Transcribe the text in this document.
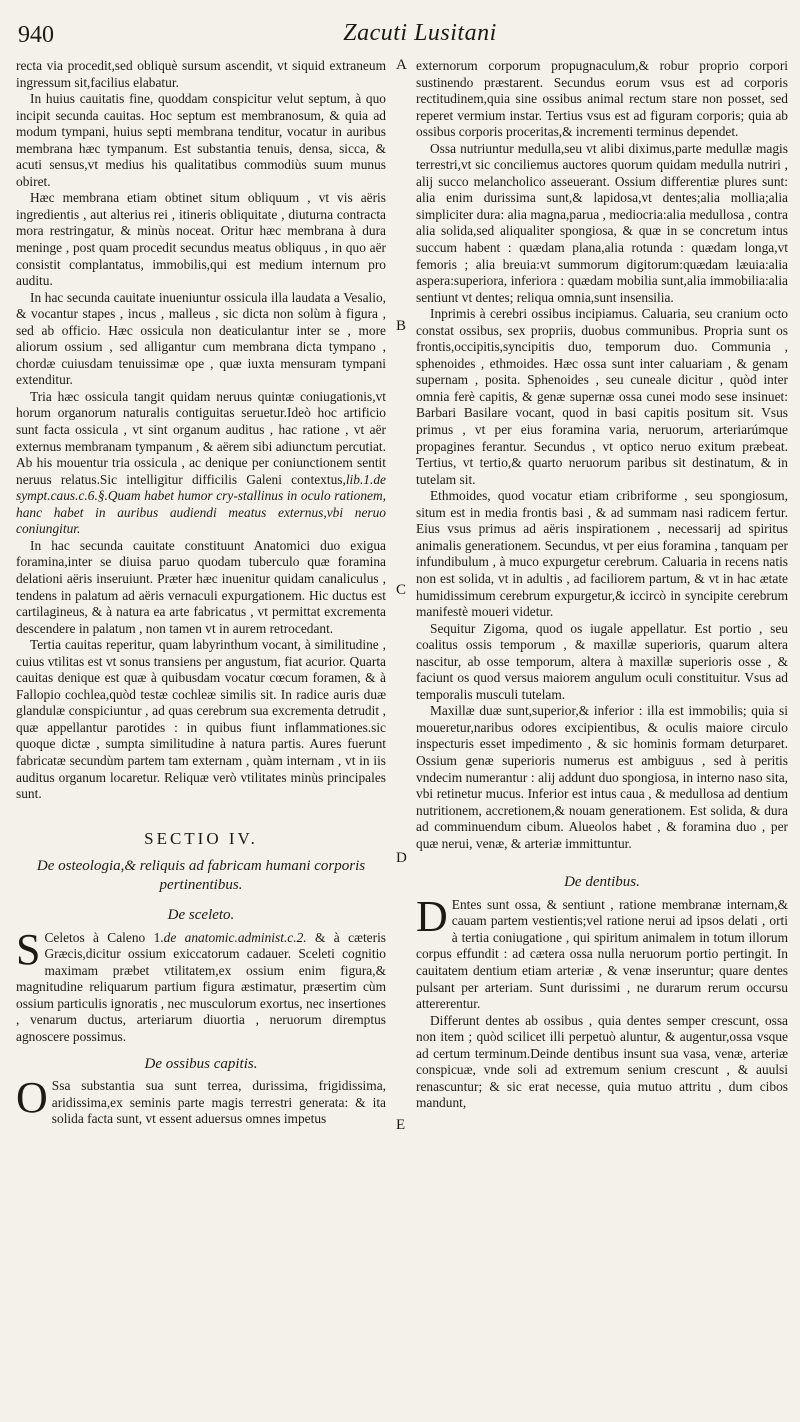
940	Zacuti Lusitani
A
B
C
D
E

recta via procedit,sed obliquè sursum ascendit, vt siquid extraneum ingressum sit,facilius elabatur.

In huius cauitatis fine, quoddam conspicitur velut septum, à quo incipit secunda cauitas. Hoc septum est membranosum, & quia ad modum tympani, huius septi membrana tenditur, vocatur in auribus membrana hæc tympanum. Est substantia tenuis, densa, sicca, & acuti sensus,vt medius his qualitatibus commodiùs suum munus obiret.

Hæc membrana etiam obtinet situm obliquum , vt vis aëris ingredientis , aut alterius rei , itineris obliquitate , diuturna contracta mora restringatur, & minùs noceat. Oritur hæc membrana à dura meninge , post quam procedit secundus meatus obliquus , in quo aër consistit complantatus, immobilis,qui est medium internum pro auditu.

In hac secunda cauitate inueniuntur ossicula illa laudata a Vesalio, & vocantur stapes , incus , malleus , sic dicta non solùm à figura , sed ab officio. Hæc ossicula non deaticulantur inter se , more aliorum ossium , sed alligantur cum membrana dicta tympano , chordæ cuiusdam tenuissimæ ope , quæ iuxta mensuram tympani extenditur.

Tria hæc ossicula tangit quidam neruus quintæ coniugationis,vt horum organorum naturalis contiguitas seruetur.Ideò hoc artificio sunt facta ossicula , vt sint organum auditus , hac ratione , vt aër externus membranam tympanum , & aërem sibi adiunctum percutiat. Ab his mouentur tria ossicula , ac denique per coniunctionem sentit neruus relatus.Sic intelligitur difficilis Galeni contextus,lib.1.de sympt.caus.c.6.§.Quam habet humor cry-stallinus in oculo rationem, hanc habet in auribus audiendi meatus externus,vbi neruo coniungitur.

In hac secunda cauitate constituunt Anatomici duo exigua foramina,inter se diuisa paruo quodam tuberculo quæ foramina delationi aëris inseruiunt. Præter hæc inuenitur quidam canaliculus , tendens in palatum ad aëris vernaculi expurgationem. Hic ductus est cartilagineus, & à natura ea arte fabricatus , vt permittat excrementa descendere in palatum , non tamen vt in aurem retrocedant.

Tertia cauitas reperitur, quam labyrinthum vocant, à similitudine , cuius vtilitas est vt sonus transiens per angustum, fiat acurior. Quarta cauitas denique est quæ à quibusdam vocatur cœcum foramen, & à Fallopio cochlea,quòd testæ cochleæ similis sit. In radice auris duæ glandulæ conspiciuntur , ad quas cerebrum sua excrementa detrudit , quæ appellantur parotides : in quibus fiunt inflammationes.sic quoque dictæ , sumpta similitudine à natura partis. Aures fuerunt fabricatæ secundùm partem tam externam , quàm internam , vt in iis auditus organum locaretur. Reliquæ verò vtilitates minùs principales sunt.

SECTIO IV.
De osteologia,& reliquis ad fabricam humani corporis pertinentibus.
De sceleto.

S Celetos à Caleno 1.de anatomic.administ.c.2. & à cæteris Græcis,dicitur ossium exiccatorum cadauer. Sceleti cognitio maximam præbet vtilitatem,ex ossium enim figura,& magnitudine reliquarum partium figura æstimatur, præsertim cùm ossium particulis ignoratis , nec musculorum exortus, nec insertiones , venarum ductus, arteriarum diuortia , neruorum diremptus agnoscere possimus.

De ossibus capitis.

O Ssa substantia sua sunt terrea, durissima, frigidissima, aridissima,ex seminis parte magis terrestri generata: & ita solida facta sunt, vt essent aduersus omnes impetus

externorum corporum propugnaculum,& robur proprio corpori sustinendo præstarent. Secundus eorum vsus est ad corporis rectitudinem,quia sine ossibus animal rectum stare non posset, sed reperet vermium instar. Tertius vsus est ad figuram corporis; quia ab ossibus corporis proceritas,& incrementi terminus dependet.

Ossa nutriuntur medulla,seu vt alibi diximus,parte medullæ magis terrestri,vt sic conciliemus auctores quorum quidam medulla nutriri , alij succo melancholico asseuerant. Ossium differentiæ plures sunt: alia enim durissima sunt,& lapidosa,vt dentes;alia mollia;alia simpliciter dura: alia magna,parua , mediocria:alia medullosa , contra alia solida,sed aliqualiter spongiosa, & quæ in se concretum intus succum habent : quædam plana,alia rotunda : quædam longa,vt femoris ; alia breuia:vt summorum digitorum:quædam læuia:alia aspera:superiora, inferiora : quædam mobilia sunt,alia immobilia:alia sentiunt vt dentes; reliqua omnia,sunt insensilia.

Inprimis à cerebri ossibus incipiamus. Caluaria, seu cranium octo constat ossibus, sex propriis, duobus communibus. Propria sunt os frontis,occipitis,syncipitis duo, temporum duo. Communia , sphenoides , ethmoides. Hæc ossa sunt inter caluariam , & genam supernam , posita. Sphenoides , seu cuneale dicitur , quòd inter omnia ferè capitis, & genæ supernæ ossa cunei modo sese insinuet: Barbari Basilare vocant, quod in basi capitis positum sit. Vsus primus , vt per eius foramina varia, neruorum, arteriarúmque propagines ferantur. Secundus , vt optico neruo exitum præbeat. Tertius, vt tertio,& quarto neruorum paribus sit destinatum, & in tutelam sit.

Ethmoides, quod vocatur etiam cribriforme , seu spongiosum, situm est in media frontis basi , & ad summam nasi radicem fertur. Eius vsus primus ad aëris inspirationem , necessarij ad spiritus animalis generationem. Secundus, vt per eius foramina , tanquam per infundibulum , à muco expurgetur cerebrum. Caluaria in recens natis non est solida, vt in adultis , ad faciliorem partum, & vt in hac ætate humidissimum cerebrum expurgetur,& iccircò in syncipite cerebrum manifestè moueri videtur.

Sequitur Zigoma, quod os iugale appellatur. Est portio , seu coalitus ossis temporum , & maxillæ superioris, quarum altera nascitur, ab osse temporum, altera à maxillæ superioris osse , & faciunt os quod versus maiorem angulum oculi constituitur. Vsus ad temporalis musculi tutelam.

Maxillæ duæ sunt,superior,& inferior : illa est immobilis; quia si moueretur,naribus odores excipientibus, & oculis maiore circulo inspecturis esset impedimento , & sic hominis formam deturparet. Ossium genæ superioris numerus est ambiguus , sed à peritis vndecim numerantur : alij addunt duo spongiosa, in interno naso sita, vbi retinetur mucus. Inferior est intus caua , & medullosa ad dentium nutritionem, accretionem,& nouam generationem. Est solida, & dura ad comminuendum cibum. Alueolos habet , & foramina duo , per quæ nerui, venæ, & arteriæ immittuntur.

De dentibus.

D Entes sunt ossa, & sentiunt , ratione membranæ internam,& cauam partem vestientis;vel ratione nerui ad ipsos delati , orti à tertia coniugatione , qui spiritum animalem in totum illorum corpus effundit : ad cætera ossa nulla neruorum portio pertingit. In cauitatem dentium etiam arteriæ , & venæ inseruntur; quare dentes pulsant per arteriam. Sunt durissimi , ne durarum rerum occursu attererentur.

Differunt dentes ab ossibus , quia dentes semper crescunt, ossa non item ; quòd scilicet illi perpetuò aluntur, & augentur,ossa vsque ad certum terminum.Deinde dentibus insunt sua vasa, venæ, arteriæ conspicuæ, vnde soli ad extremum senium crescunt , & auulsi renascuntur; & sic erat necesse, quia mutuo attritu , dum cibos mandunt,
